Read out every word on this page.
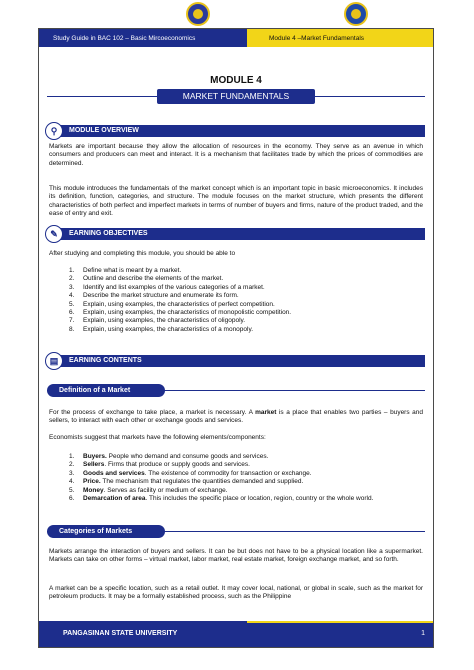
Study Guide in BAC 102 – Basic Mircoeconomics	Module 4 –Market Fundamentals
MODULE 4
MARKET FUNDAMENTALS
⚲	MODULE OVERVIEW
Markets are important because they allow the allocation of resources in the economy. They serve as an avenue in which consumers and producers can meet and interact. It is a mechanism that facilitates trade by which the prices of commodities are determined.
This module introduces the fundamentals of the market concept which is an important topic in basic microeconomics. It includes its definition, function, categories, and structure. The module focuses on the market structure, which presents the different characteristics of both perfect and imperfect markets in terms of number of buyers and firms, nature of the product traded, and the ease of entry and exit.
✎	EARNING OBJECTIVES
After studying and completing this module, you should be able to
1.	Define what is meant by a market.
2.	Outline and describe the elements of the market.
3.	Identify and list examples of the various categories of a market.
4.	Describe the market structure and enumerate its form.
5.	Explain, using examples, the characteristics of perfect competition.
6.	Explain, using examples, the characteristics of monopolistic competition.
7.	Explain, using examples, the characteristics of oligopoly.
8.	Explain, using examples, the characteristics of a monopoly.
▤	EARNING CONTENTS
Definition of a Market
For the process of exchange to take place, a market is necessary. A market is a place that enables two parties – buyers and sellers, to interact with each other or exchange goods and services.
Economists suggest that markets have the following elements/components:
1.	Buyers. People who demand and consume goods and services.
2.	Sellers. Firms that produce or supply goods and services.
3.	Goods and services. The existence of commodity for transaction or exchange.
4.	Price. The mechanism that regulates the quantities demanded and supplied.
5.	Money. Serves as facility or medium of exchange.
6.	Demarcation of area. This includes the specific place or location, region, country or the whole world.
Categories of Markets
Markets arrange the interaction of buyers and sellers. It can be but does not have to be a physical location like a supermarket. Markets can take on other forms – virtual market, labor market, real estate market, foreign exchange market, and so forth.
A market can be a specific location, such as a retail outlet. It may cover local, national, or global in scale, such as the market for petroleum products. It may be a formally established process, such as the Philippine
PANGASINAN STATE UNIVERSITY	1
